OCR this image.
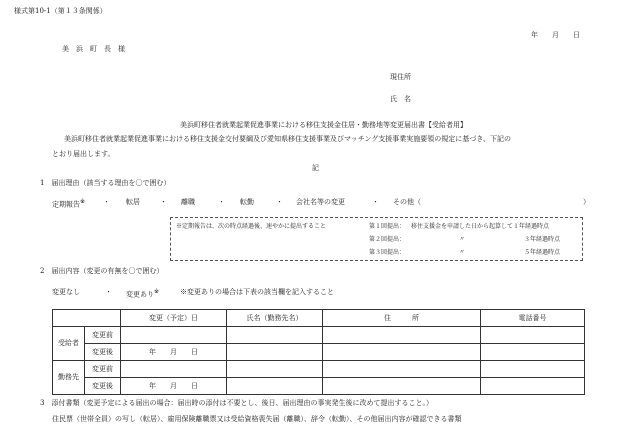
様式第10-1（第１３条関係）
年　　月　　日
美　浜　町　長　様
現住所
氏　名
美浜町移住者就業起業促進事業における移住支援金住居・勤務地等変更届出書【受給者用】
美浜町移住者就業起業促進事業における移住支援金交付要綱及び愛知県移住支援事業及びマッチング支援事業実施要領の規定に基づき、下記の
とおり届出します。
記
1　届出理由（該当する理由を〇で囲む）
定期報告※	・ 転居	・ 離職	・ 転勤	・ 会社名等の変更	・ その他（	）
※定期報告は、次の時点経過後、速やかに提出すること	第１回提出： 移住支援金を申請した日から起算して１年経過時点
第２回提出：	〃	３年経過時点
第３回提出：	〃	５年経過時点
2　届出内容（変更の有無を〇で囲む）
変更なし	・ 変更あり※	※変更ありの場合は下表の該当欄を記入すること
		変更（予定）日	氏名（勤務先名）	住　　　所	電話番号
受給者	変更前				
	変更後	年　　月　　日			
勤務先	変更前				
	変更後	年　　月　　日			
3　添付書類（変更予定による届出の場合：届出時の添付は不要とし、後日、届出理由の事実発生後に改めて提出すること。）
住民票（世帯全員）の写し（転居）、雇用保険離職票又は受給資格喪失届（離職）、辞令（転勤）、その他届出内容が確認できる書類
